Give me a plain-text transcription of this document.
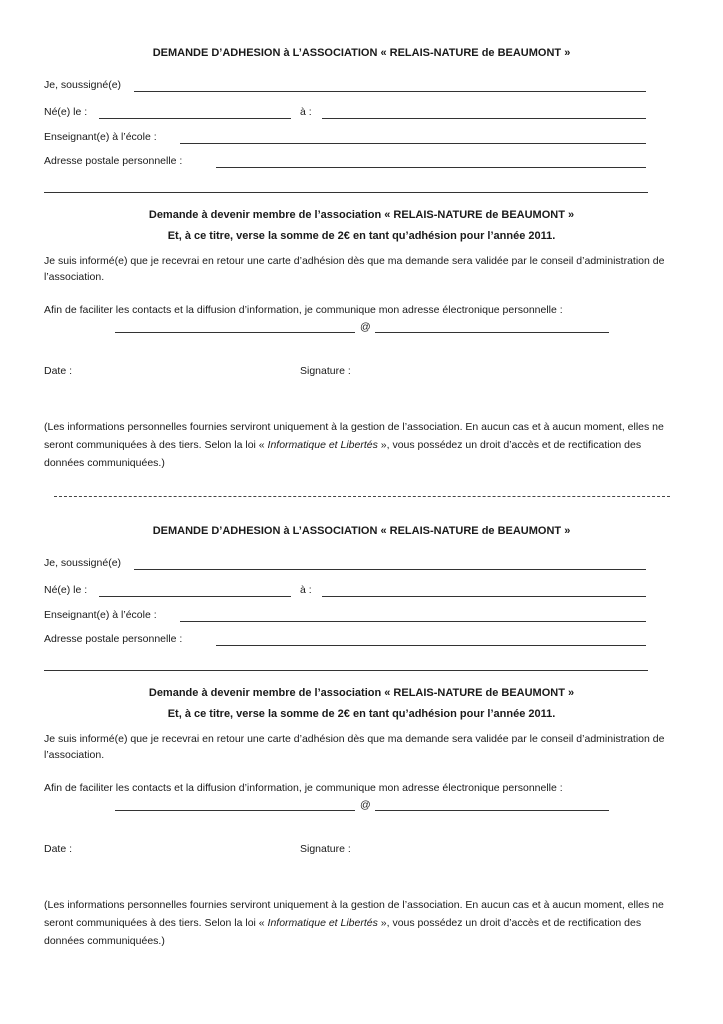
DEMANDE D’ADHESION à L’ASSOCIATION « RELAIS-NATURE de BEAUMONT »
Je, soussigné(e)
Né(e) le :	à :
Enseignant(e) à l’école :
Adresse postale personnelle :
Demande à devenir membre de l’association « RELAIS-NATURE de BEAUMONT »
Et, à ce titre, verse la somme de 2€ en tant qu’adhésion pour l’année 2011.
Je suis informé(e) que je recevrai en retour une carte d’adhésion dès que ma demande sera validée par le conseil d’administration de l’association.
Afin de faciliter les contacts et la diffusion d’information, je communique mon adresse électronique personnelle :
@
Date :	Signature :
(Les informations personnelles fournies serviront uniquement à la gestion de l’association. En aucun cas et à aucun moment, elles ne seront communiquées à des tiers. Selon la loi « Informatique et Libertés », vous possédez un droit d’accès et de rectification des données communiquées.)
DEMANDE D’ADHESION à L’ASSOCIATION « RELAIS-NATURE de BEAUMONT »
Je, soussigné(e)
Né(e) le :	à :
Enseignant(e) à l’école :
Adresse postale personnelle :
Demande à devenir membre de l’association « RELAIS-NATURE de BEAUMONT »
Et, à ce titre, verse la somme de 2€ en tant qu’adhésion pour l’année 2011.
Je suis informé(e) que je recevrai en retour une carte d’adhésion dès que ma demande sera validée par le conseil d’administration de l’association.
Afin de faciliter les contacts et la diffusion d’information, je communique mon adresse électronique personnelle :
@
Date :	Signature :
(Les informations personnelles fournies serviront uniquement à la gestion de l’association. En aucun cas et à aucun moment, elles ne seront communiquées à des tiers. Selon la loi « Informatique et Libertés », vous possédez un droit d’accès et de rectification des données communiquées.)
